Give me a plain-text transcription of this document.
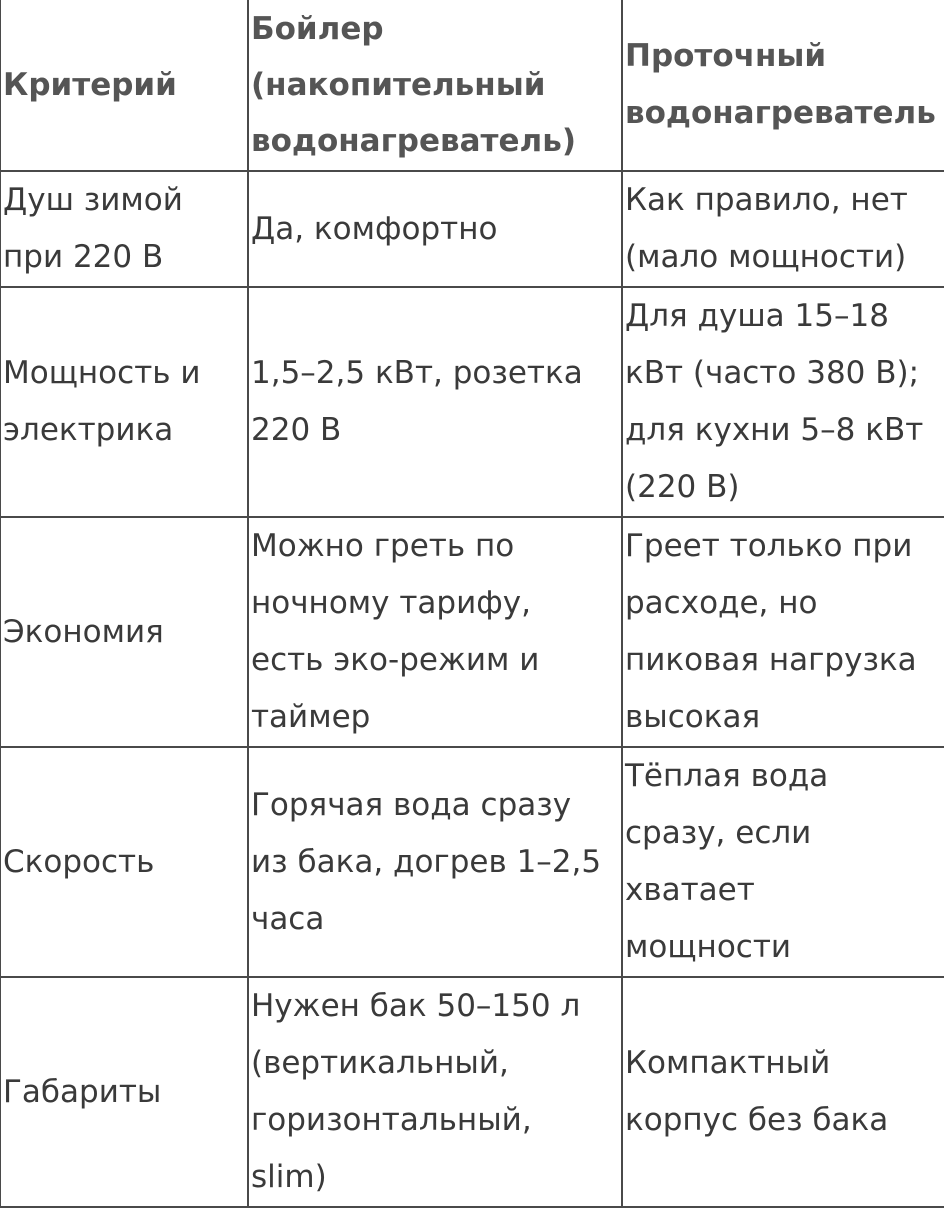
Критерий	Бойлер
(накопительный
водонагреватель)	Проточный
водонагреватель

Душ зимой
при 220 В	Да, комфортно	Как правило, нет
(мало мощности)

Мощность и
электрика	1,5–2,5 кВт, розетка
220 В	Для душа 15–18
кВт (часто 380 В);
для кухни 5–8 кВт
(220 В)

Экономия	Можно греть по
ночному тарифу,
есть эко-режим и
таймер	Греет только при
расходе, но
пиковая нагрузка
высокая

Скорость	Горячая вода сразу
из бака, догрев 1–2,5
часа	Тёплая вода
сразу, если
хватает
мощности

Габариты	Нужен бак 50–150 л
(вертикальный,
горизонтальный,
slim)	Компактный
корпус без бака
